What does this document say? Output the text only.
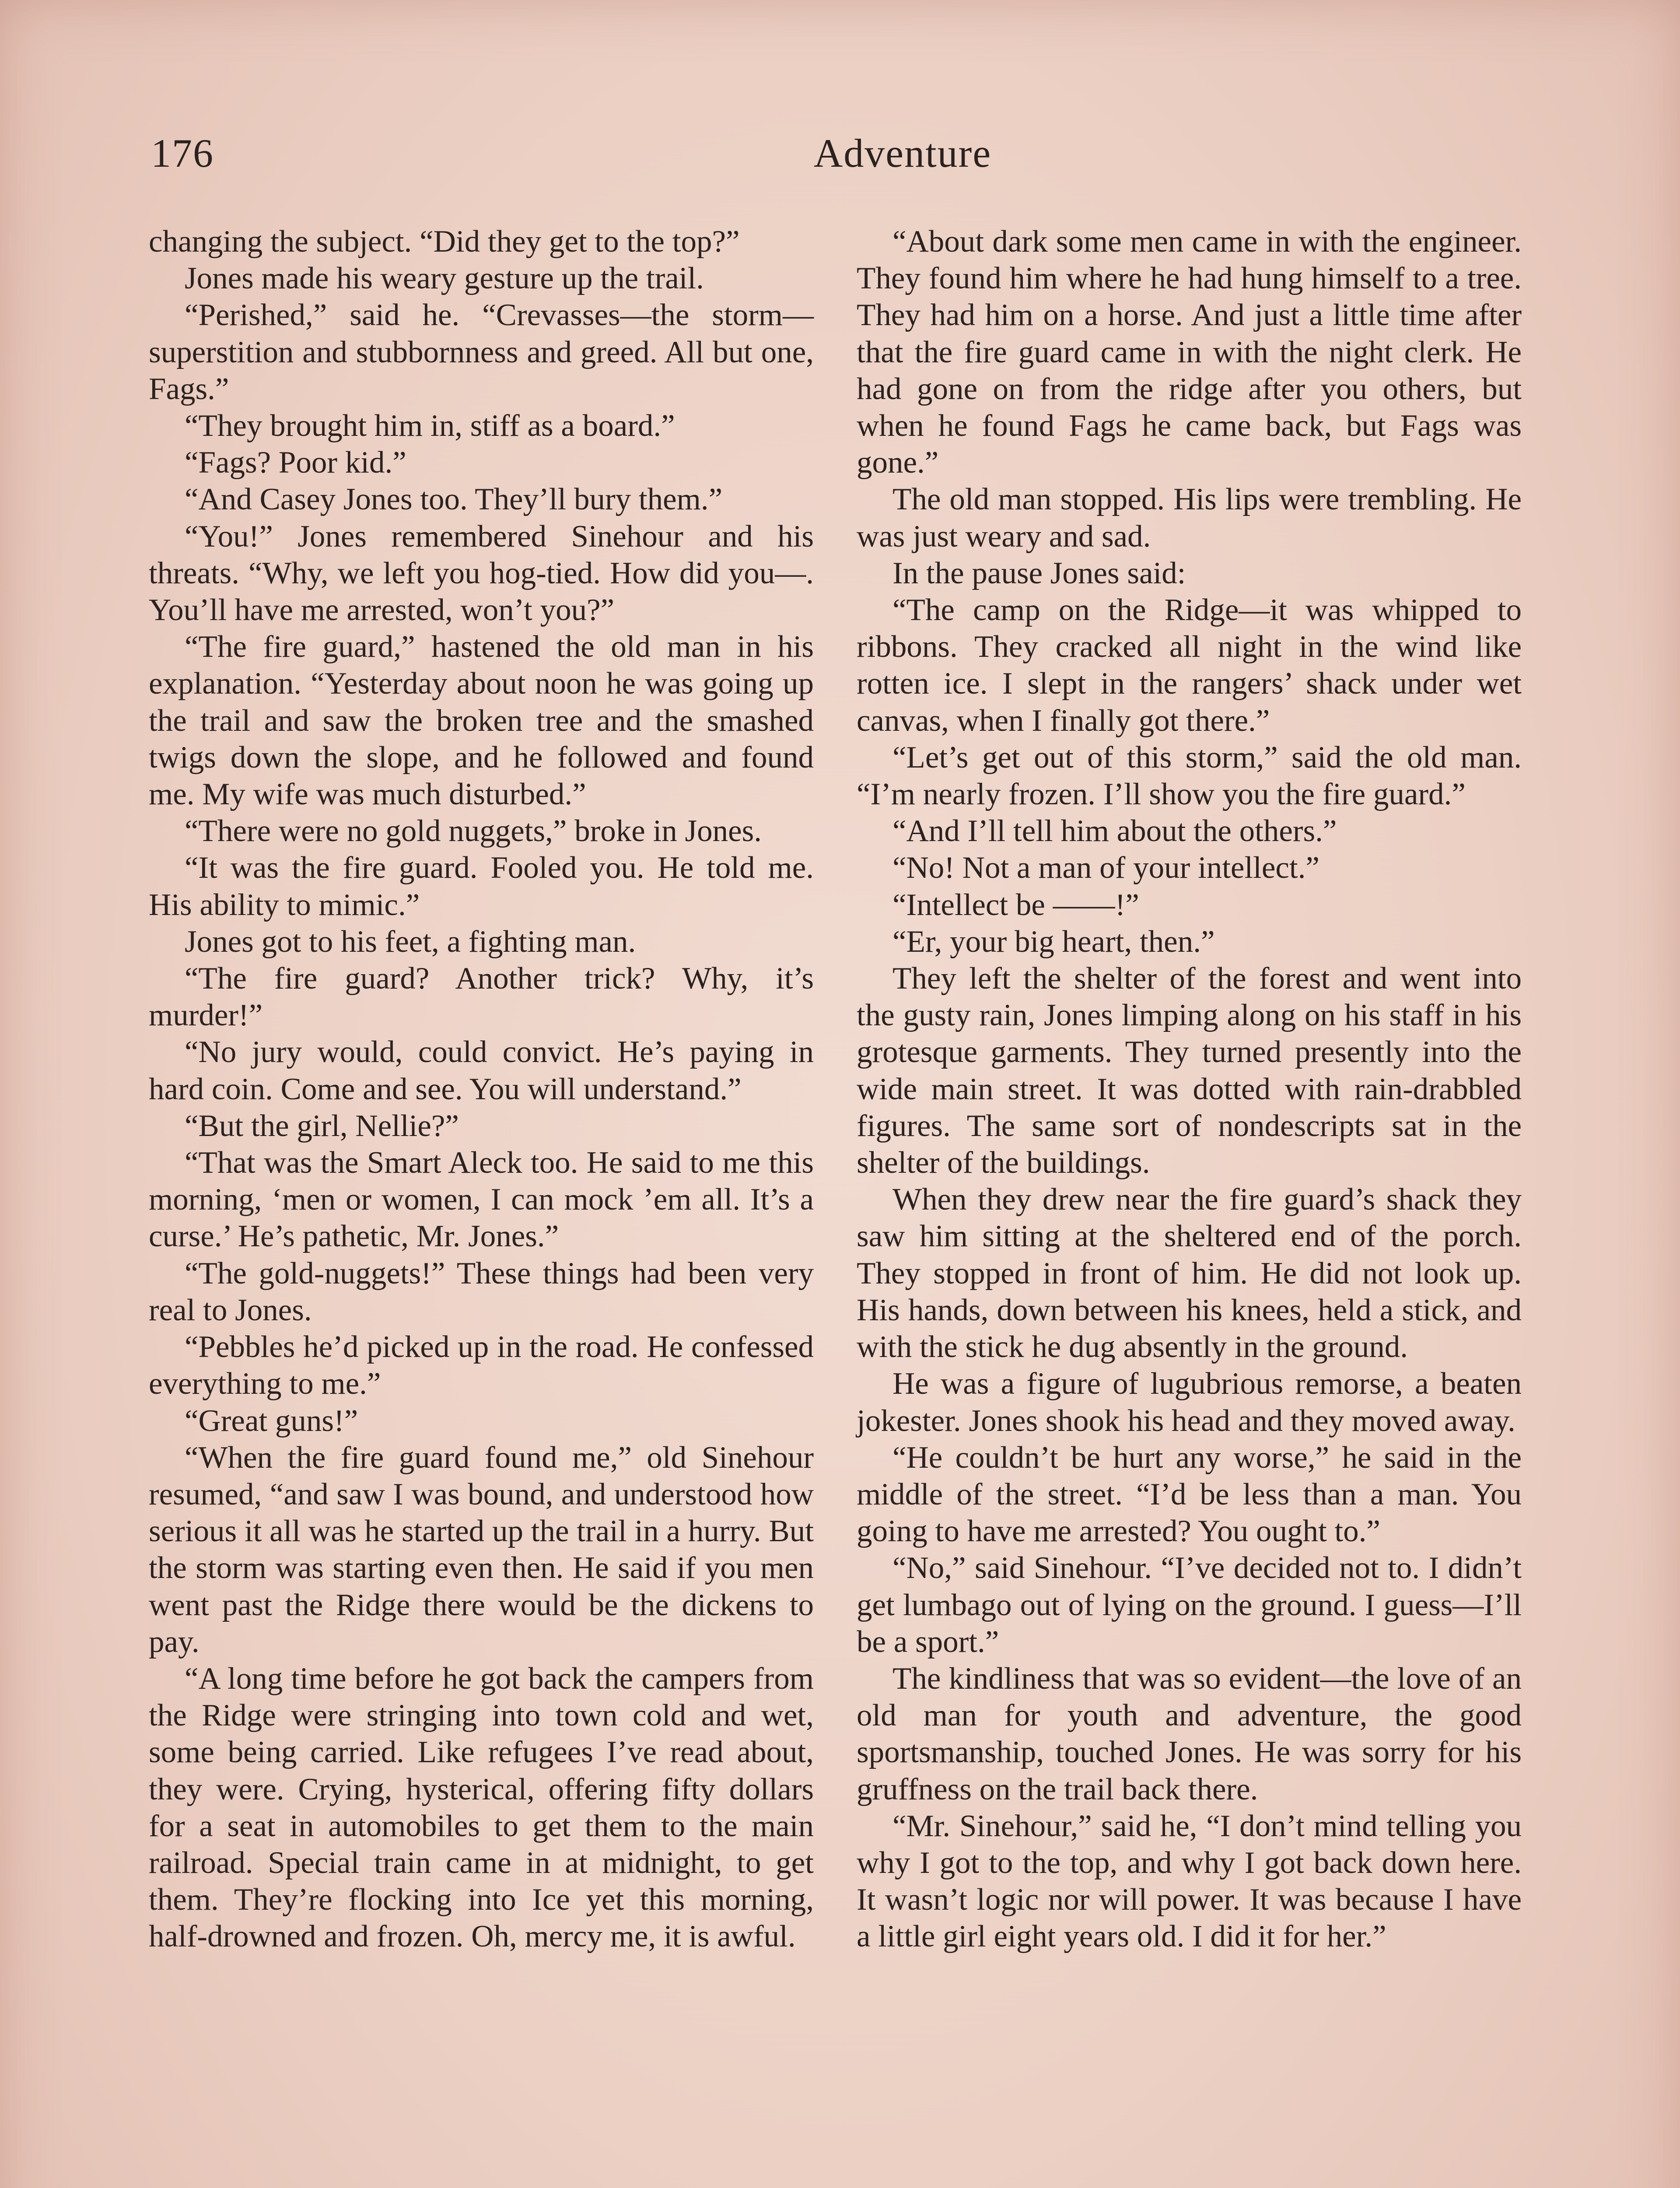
176	Adventure

changing the subject. “Did they get to the top?”

Jones made his weary gesture up the trail.

“Perished,” said he. “Crevasses—the storm—superstition and stubbornness and greed. All but one, Fags.”

“They brought him in, stiff as a board.”

“Fags? Poor kid.”

“And Casey Jones too. They’ll bury them.”

“You!” Jones remembered Sinehour and his threats. “Why, we left you hog-tied. How did you—. You’ll have me arrested, won’t you?”

“The fire guard,” hastened the old man in his explanation. “Yesterday about noon he was going up the trail and saw the broken tree and the smashed twigs down the slope, and he followed and found me. My wife was much disturbed.”

“There were no gold nuggets,” broke in Jones.

“It was the fire guard. Fooled you. He told me. His ability to mimic.”

Jones got to his feet, a fighting man.

“The fire guard? Another trick? Why, it’s murder!”

“No jury would, could convict. He’s paying in hard coin. Come and see. You will understand.”

“But the girl, Nellie?”

“That was the Smart Aleck too. He said to me this morning, ‘men or women, I can mock ’em all. It’s a curse.’ He’s pathetic, Mr. Jones.”

“The gold-nuggets!” These things had been very real to Jones.

“Pebbles he’d picked up in the road. He confessed everything to me.”

“Great guns!”

“When the fire guard found me,” old Sinehour resumed, “and saw I was bound, and understood how serious it all was he started up the trail in a hurry. But the storm was starting even then. He said if you men went past the Ridge there would be the dickens to pay.

“A long time before he got back the campers from the Ridge were stringing into town cold and wet, some being carried. Like refugees I’ve read about, they were. Crying, hysterical, offering fifty dollars for a seat in automobiles to get them to the main railroad. Special train came in at midnight, to get them. They’re flocking into Ice yet this morning, half-drowned and frozen. Oh, mercy me, it is awful.

“About dark some men came in with the engineer. They found him where he had hung himself to a tree. They had him on a horse. And just a little time after that the fire guard came in with the night clerk. He had gone on from the ridge after you others, but when he found Fags he came back, but Fags was gone.”

The old man stopped. His lips were trembling. He was just weary and sad.

In the pause Jones said:

“The camp on the Ridge—it was whipped to ribbons. They cracked all night in the wind like rotten ice. I slept in the rangers’ shack under wet canvas, when I finally got there.”

“Let’s get out of this storm,” said the old man. “I’m nearly frozen. I’ll show you the fire guard.”

“And I’ll tell him about the others.”

“No! Not a man of your intellect.”

“Intellect be ——!”

“Er, your big heart, then.”

They left the shelter of the forest and went into the gusty rain, Jones limping along on his staff in his grotesque garments. They turned presently into the wide main street. It was dotted with rain-drabbled figures. The same sort of nondescripts sat in the shelter of the buildings.

When they drew near the fire guard’s shack they saw him sitting at the sheltered end of the porch. They stopped in front of him. He did not look up. His hands, down between his knees, held a stick, and with the stick he dug absently in the ground.

He was a figure of lugubrious remorse, a beaten jokester. Jones shook his head and they moved away.

“He couldn’t be hurt any worse,” he said in the middle of the street. “I’d be less than a man. You going to have me arrested? You ought to.”

“No,” said Sinehour. “I’ve decided not to. I didn’t get lumbago out of lying on the ground. I guess—I’ll be a sport.”

The kindliness that was so evident—the love of an old man for youth and adventure, the good sportsmanship, touched Jones. He was sorry for his gruffness on the trail back there.

“Mr. Sinehour,” said he, “I don’t mind telling you why I got to the top, and why I got back down here. It wasn’t logic nor will power. It was because I have a little girl eight years old. I did it for her.”
